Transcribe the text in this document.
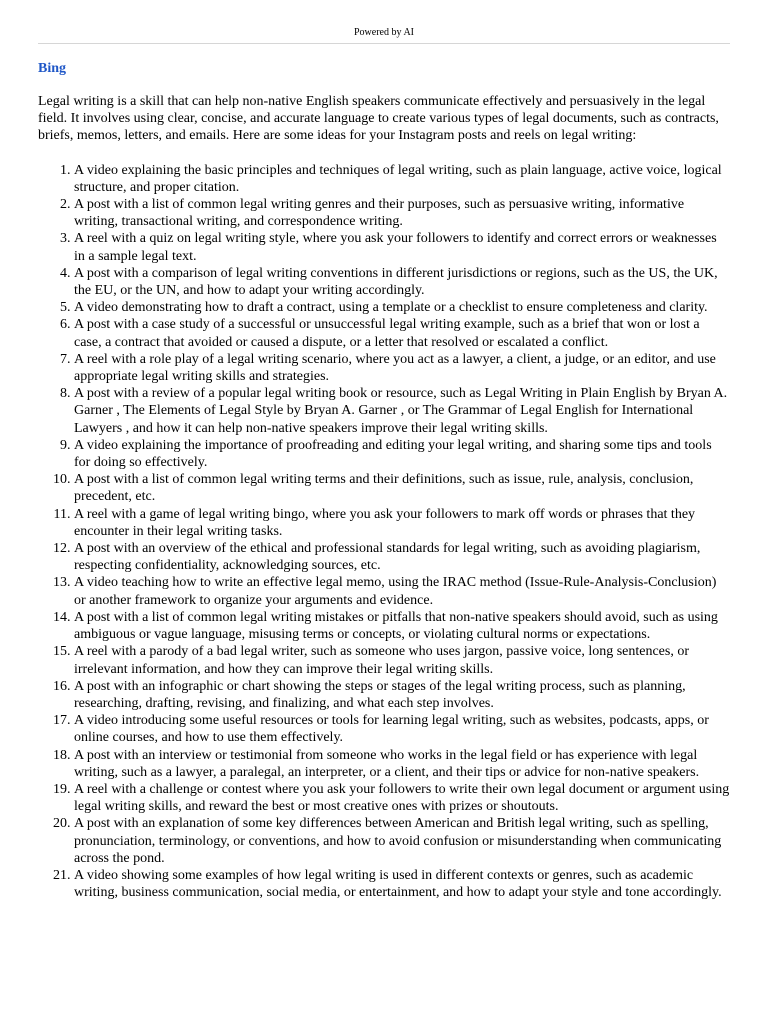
Powered by AI
Bing

Legal writing is a skill that can help non-native English speakers communicate effectively and persuasively in the legal field. It involves using clear, concise, and accurate language to create various types of legal documents, such as contracts, briefs, memos, letters, and emails. Here are some ideas for your Instagram posts and reels on legal writing:

1. A video explaining the basic principles and techniques of legal writing, such as plain language, active voice, logical structure, and proper citation.
2. A post with a list of common legal writing genres and their purposes, such as persuasive writing, informative writing, transactional writing, and correspondence writing.
3. A reel with a quiz on legal writing style, where you ask your followers to identify and correct errors or weaknesses in a sample legal text.
4. A post with a comparison of legal writing conventions in different jurisdictions or regions, such as the US, the UK, the EU, or the UN, and how to adapt your writing accordingly.
5. A video demonstrating how to draft a contract, using a template or a checklist to ensure completeness and clarity.
6. A post with a case study of a successful or unsuccessful legal writing example, such as a brief that won or lost a case, a contract that avoided or caused a dispute, or a letter that resolved or escalated a conflict.
7. A reel with a role play of a legal writing scenario, where you act as a lawyer, a client, a judge, or an editor, and use appropriate legal writing skills and strategies.
8. A post with a review of a popular legal writing book or resource, such as Legal Writing in Plain English by Bryan A. Garner , The Elements of Legal Style by Bryan A. Garner , or The Grammar of Legal English for International Lawyers , and how it can help non-native speakers improve their legal writing skills.
9. A video explaining the importance of proofreading and editing your legal writing, and sharing some tips and tools for doing so effectively.
10. A post with a list of common legal writing terms and their definitions, such as issue, rule, analysis, conclusion, precedent, etc.
11. A reel with a game of legal writing bingo, where you ask your followers to mark off words or phrases that they encounter in their legal writing tasks.
12. A post with an overview of the ethical and professional standards for legal writing, such as avoiding plagiarism, respecting confidentiality, acknowledging sources, etc.
13. A video teaching how to write an effective legal memo, using the IRAC method (Issue-Rule-Analysis-Conclusion) or another framework to organize your arguments and evidence.
14. A post with a list of common legal writing mistakes or pitfalls that non-native speakers should avoid, such as using ambiguous or vague language, misusing terms or concepts, or violating cultural norms or expectations.
15. A reel with a parody of a bad legal writer, such as someone who uses jargon, passive voice, long sentences, or irrelevant information, and how they can improve their legal writing skills.
16. A post with an infographic or chart showing the steps or stages of the legal writing process, such as planning, researching, drafting, revising, and finalizing, and what each step involves.
17. A video introducing some useful resources or tools for learning legal writing, such as websites, podcasts, apps, or online courses, and how to use them effectively.
18. A post with an interview or testimonial from someone who works in the legal field or has experience with legal writing, such as a lawyer, a paralegal, an interpreter, or a client, and their tips or advice for non-native speakers.
19. A reel with a challenge or contest where you ask your followers to write their own legal document or argument using legal writing skills, and reward the best or most creative ones with prizes or shoutouts.
20. A post with an explanation of some key differences between American and British legal writing, such as spelling, pronunciation, terminology, or conventions, and how to avoid confusion or misunderstanding when communicating across the pond.
21. A video showing some examples of how legal writing is used in different contexts or genres, such as academic writing, business communication, social media, or entertainment, and how to adapt your style and tone accordingly.
